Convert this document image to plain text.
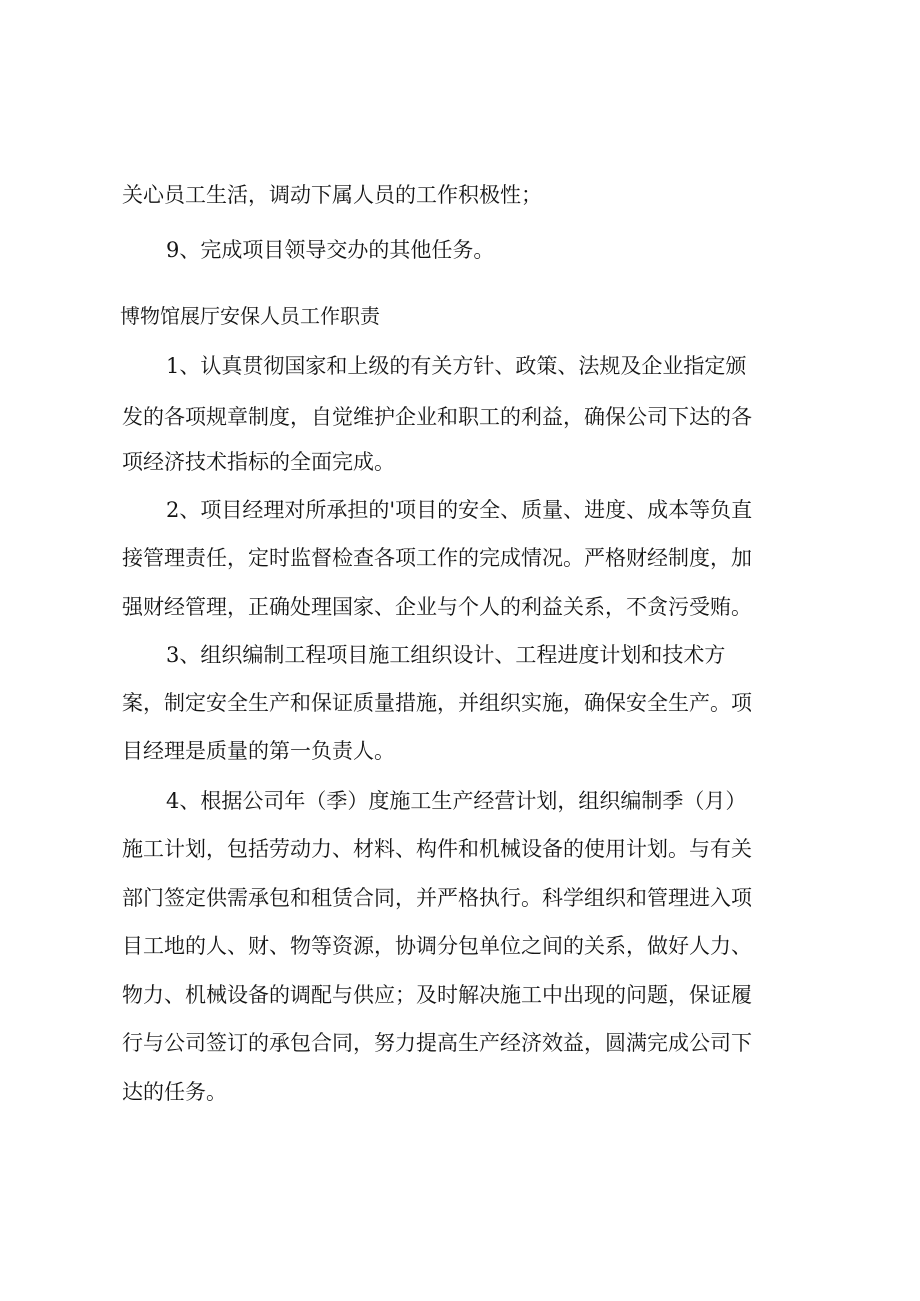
关心员工生活，调动下属人员的工作积极性；
9、完成项目领导交办的其他任务。
博物馆展厅安保人员工作职责
1、认真贯彻国家和上级的有关方针、政策、法规及企业指定颁
发的各项规章制度，自觉维护企业和职工的利益，确保公司下达的各
项经济技术指标的全面完成。
2、项目经理对所承担的'项目的安全、质量、进度、成本等负直
接管理责任，定时监督检查各项工作的完成情况。严格财经制度，加
强财经管理，正确处理国家、企业与个人的利益关系，不贪污受贿。
3、组织编制工程项目施工组织设计、工程进度计划和技术方
案，制定安全生产和保证质量措施，并组织实施，确保安全生产。项
目经理是质量的第一负责人。
4、根据公司年（季）度施工生产经营计划，组织编制季（月）
施工计划，包括劳动力、材料、构件和机械设备的使用计划。与有关
部门签定供需承包和租赁合同，并严格执行。科学组织和管理进入项
目工地的人、财、物等资源，协调分包单位之间的关系，做好人力、
物力、机械设备的调配与供应；及时解决施工中出现的问题，保证履
行与公司签订的承包合同，努力提高生产经济效益，圆满完成公司下
达的任务。
